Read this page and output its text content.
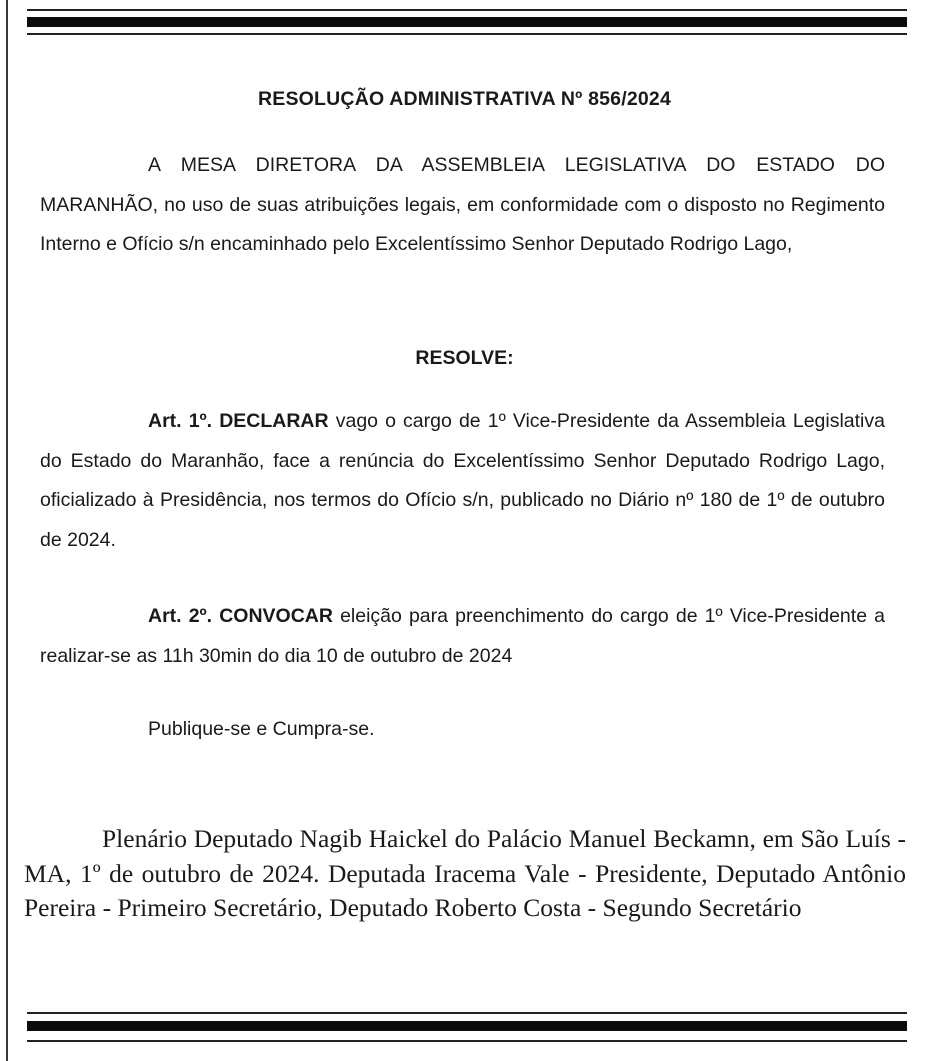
RESOLUÇÃO ADMINISTRATIVA Nº 856/2024

A MESA DIRETORA DA ASSEMBLEIA LEGISLATIVA DO ESTADO DO MARANHÃO, no uso de suas atribuições legais, em conformidade com o disposto no Regimento Interno e Ofício s/n encaminhado pelo Excelentíssimo Senhor Deputado Rodrigo Lago,

RESOLVE:

Art. 1º. DECLARAR vago o cargo de 1º Vice-Presidente da Assembleia Legislativa do Estado do Maranhão, face a renúncia do Excelentíssimo Senhor Deputado Rodrigo Lago, oficializado à Presidência, nos termos do Ofício s/n, publicado no Diário nº 180 de 1º de outubro de 2024.

Art. 2º. CONVOCAR eleição para preenchimento do cargo de 1º Vice-Presidente a realizar-se as 11h 30min do dia 10 de outubro de 2024

Publique-se e Cumpra-se.

Plenário Deputado Nagib Haickel do Palácio Manuel Beckamn, em São Luís - MA, 1º de outubro de 2024. Deputada Iracema Vale - Presidente, Deputado Antônio Pereira - Primeiro Secretário, Deputado Roberto Costa - Segundo Secretário
